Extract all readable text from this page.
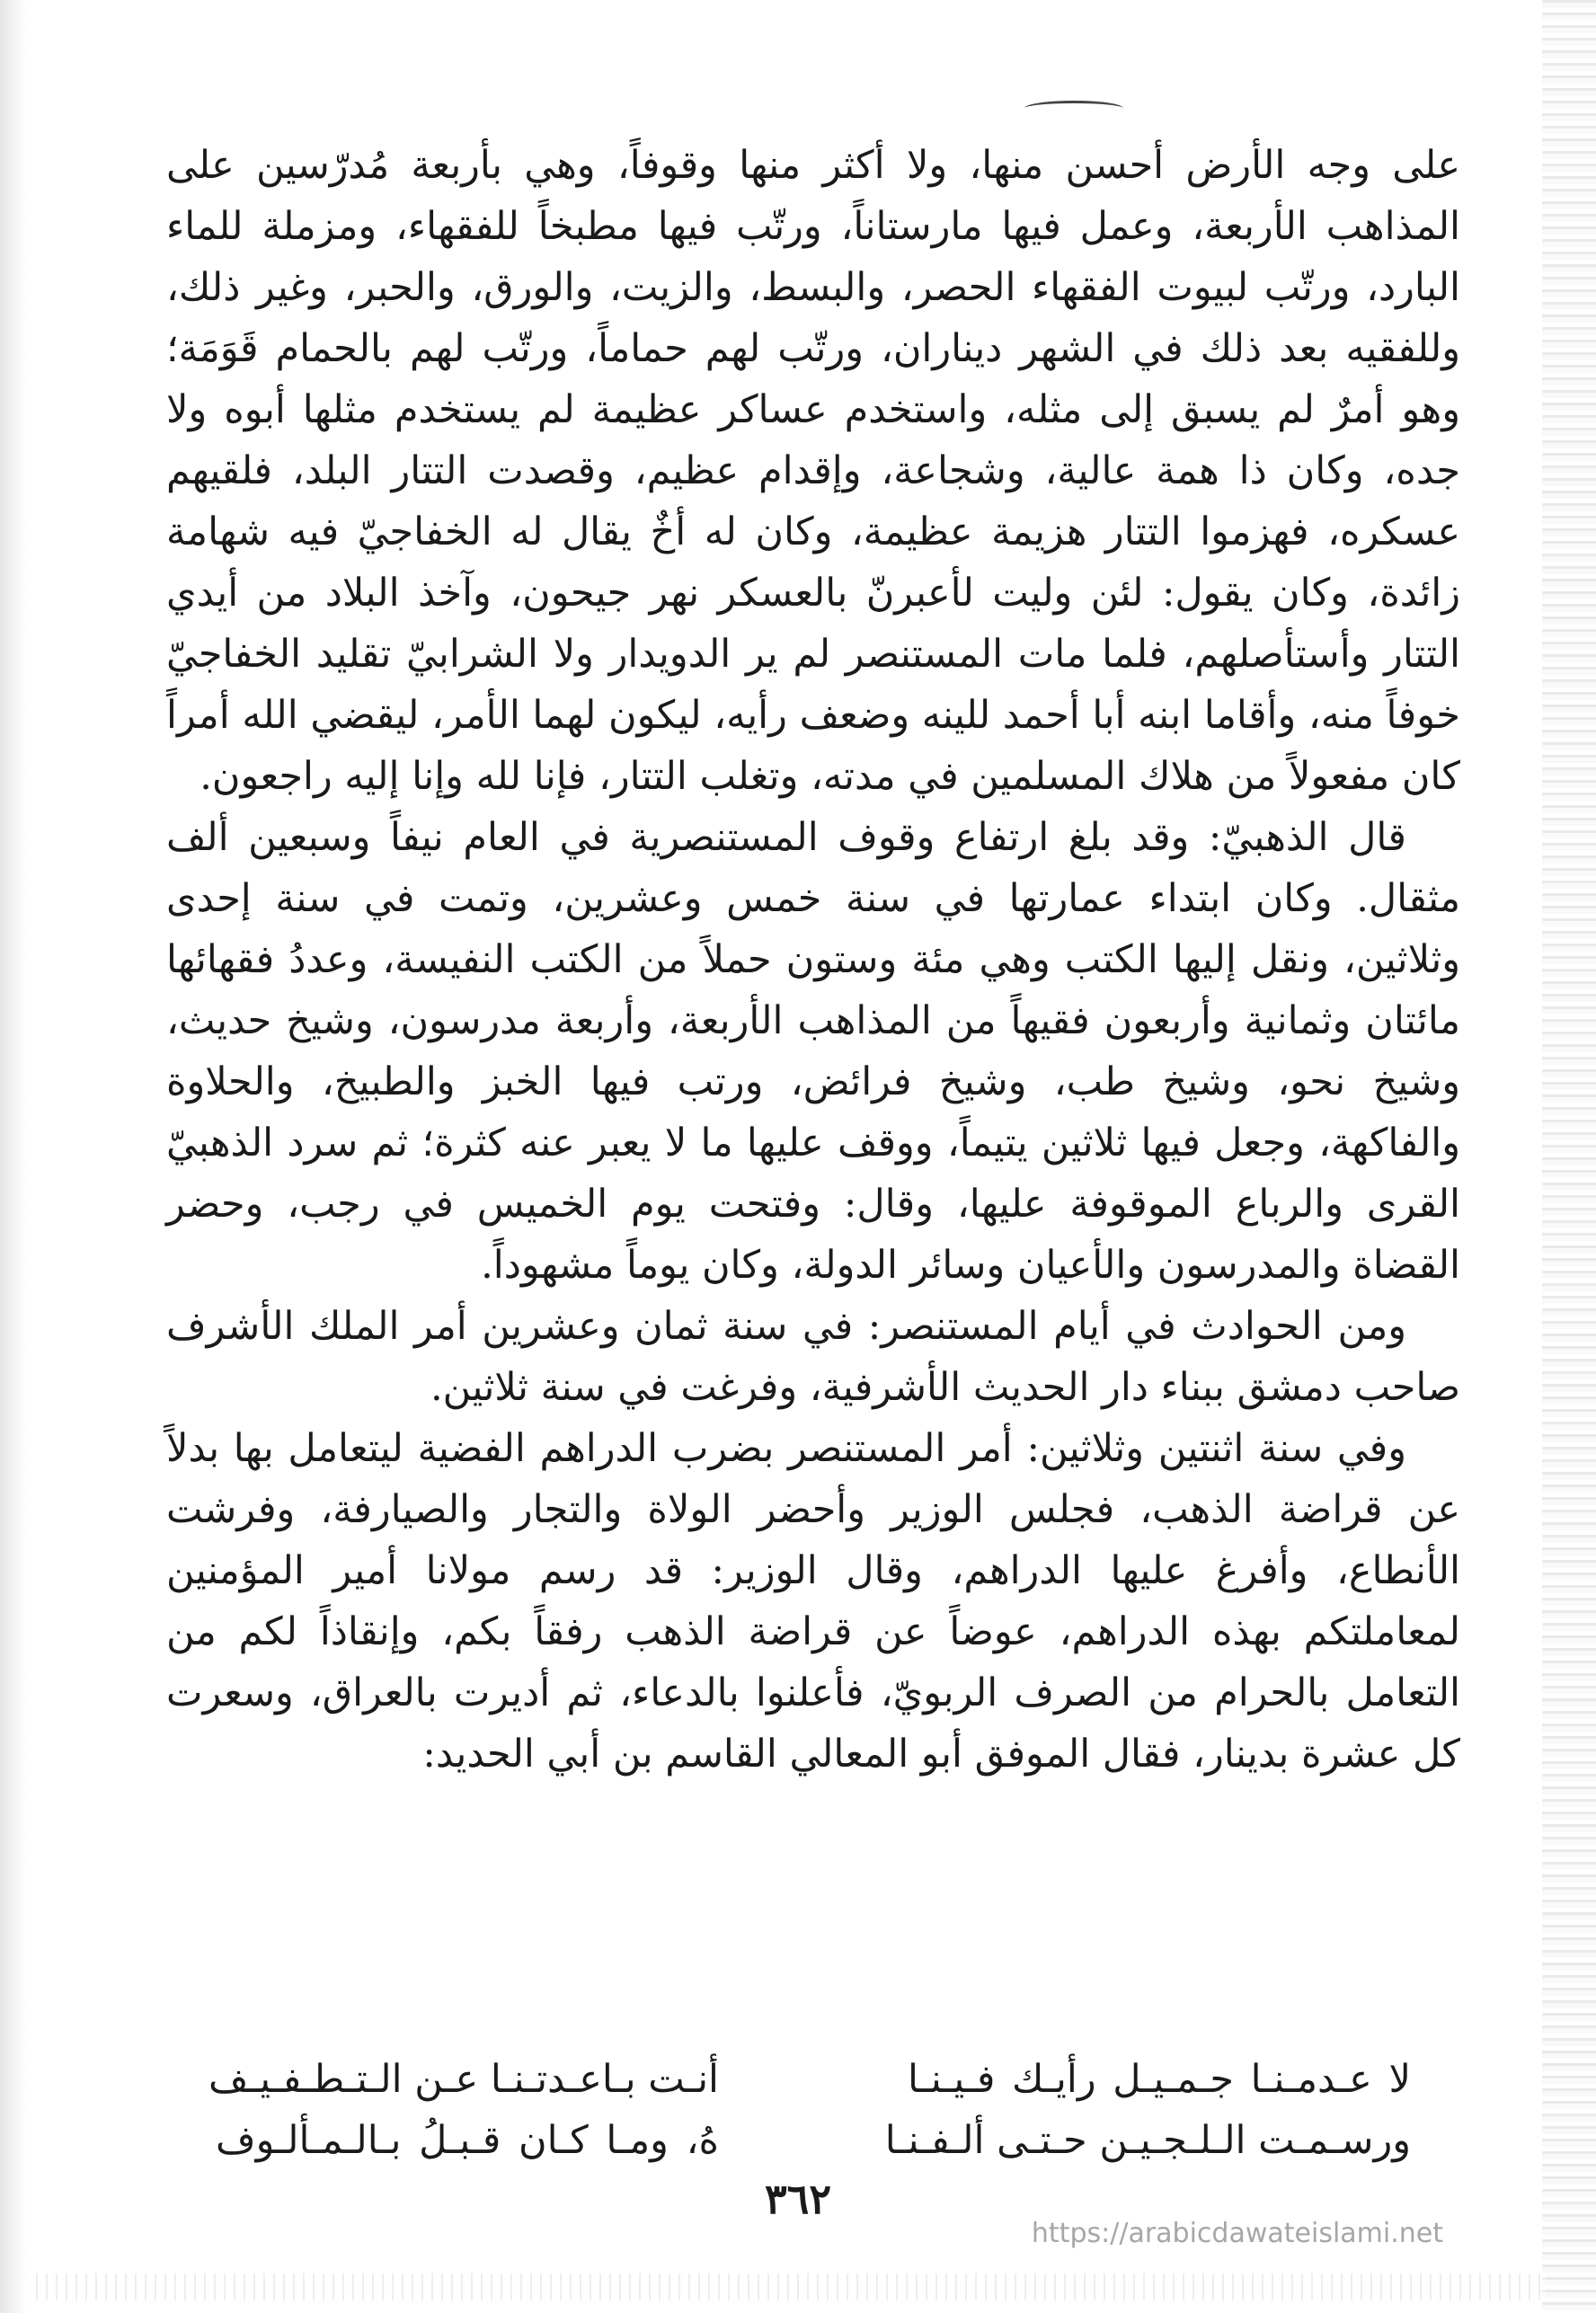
على وجه الأرض أحسن منها، ولا أكثر منها وقوفاً، وهي بأربعة مُدرّسين على المذاهب الأربعة، وعمل فيها مارستاناً، ورتّب فيها مطبخاً للفقهاء، ومزملة للماء البارد، ورتّب لبيوت الفقهاء الحصر، والبسط، والزيت، والورق، والحبر، وغير ذلك، وللفقيه بعد ذلك في الشهر ديناران، ورتّب لهم حماماً، ورتّب لهم بالحمام قَوَمَة؛ وهو أمرٌ لم يسبق إلى مثله، واستخدم عساكر عظيمة لم يستخدم مثلها أبوه ولا جده، وكان ذا همة عالية، وشجاعة، وإقدام عظيم، وقصدت التتار البلد، فلقيهم عسكره، فهزموا التتار هزيمة عظيمة، وكان له أخٌ يقال له الخفاجيّ فيه شهامة زائدة، وكان يقول: لئن وليت لأعبرنّ بالعسكر نهر جيحون، وآخذ البلاد من أيدي التتار وأستأصلهم، فلما مات المستنصر لم ير الدويدار ولا الشرابيّ تقليد الخفاجيّ خوفاً منه، وأقاما ابنه أبا أحمد للينه وضعف رأيه، ليكون لهما الأمر، ليقضي الله أمراً كان مفعولاً من هلاك المسلمين في مدته، وتغلب التتار، فإنا لله وإنا إليه راجعون.

قال الذهبيّ: وقد بلغ ارتفاع وقوف المستنصرية في العام نيفاً وسبعين ألف مثقال. وكان ابتداء عمارتها في سنة خمس وعشرين، وتمت في سنة إحدى وثلاثين، ونقل إليها الكتب وهي مئة وستون حملاً من الكتب النفيسة، وعددُ فقهائها مائتان وثمانية وأربعون فقيهاً من المذاهب الأربعة، وأربعة مدرسون، وشيخ حديث، وشيخ نحو، وشيخ طب، وشيخ فرائض، ورتب فيها الخبز والطبيخ، والحلاوة والفاكهة، وجعل فيها ثلاثين يتيماً، ووقف عليها ما لا يعبر عنه كثرة؛ ثم سرد الذهبيّ القرى والرباع الموقوفة عليها، وقال: وفتحت يوم الخميس في رجب، وحضر القضاة والمدرسون والأعيان وسائر الدولة، وكان يوماً مشهوداً.

ومن الحوادث في أيام المستنصر: في سنة ثمان وعشرين أمر الملك الأشرف صاحب دمشق ببناء دار الحديث الأشرفية، وفرغت في سنة ثلاثين.

وفي سنة اثنتين وثلاثين: أمر المستنصر بضرب الدراهم الفضية ليتعامل بها بدلاً عن قراضة الذهب، فجلس الوزير وأحضر الولاة والتجار والصيارفة، وفرشت الأنطاع، وأفرغ عليها الدراهم، وقال الوزير: قد رسم مولانا أمير المؤمنين لمعاملتكم بهذه الدراهم، عوضاً عن قراضة الذهب رفقاً بكم، وإنقاذاً لكم من التعامل بالحرام من الصرف الربويّ، فأعلنوا بالدعاء، ثم أديرت بالعراق، وسعرت كل عشرة بدينار، فقال الموفق أبو المعالي القاسم بن أبي الحديد:

لا عـدمـنـا جـمـيـل رأيـك فـيـنـا
أنـت بـاعـدتـنـا عـن الـتـطـفـيـف
ورسـمـت الـلـجـيـن حـتـى ألـفـنـا
هُ، ومـا كـان قـبـلُ بـالـمـألـوف
٣٦٢
https://arabicdawateislami.net
